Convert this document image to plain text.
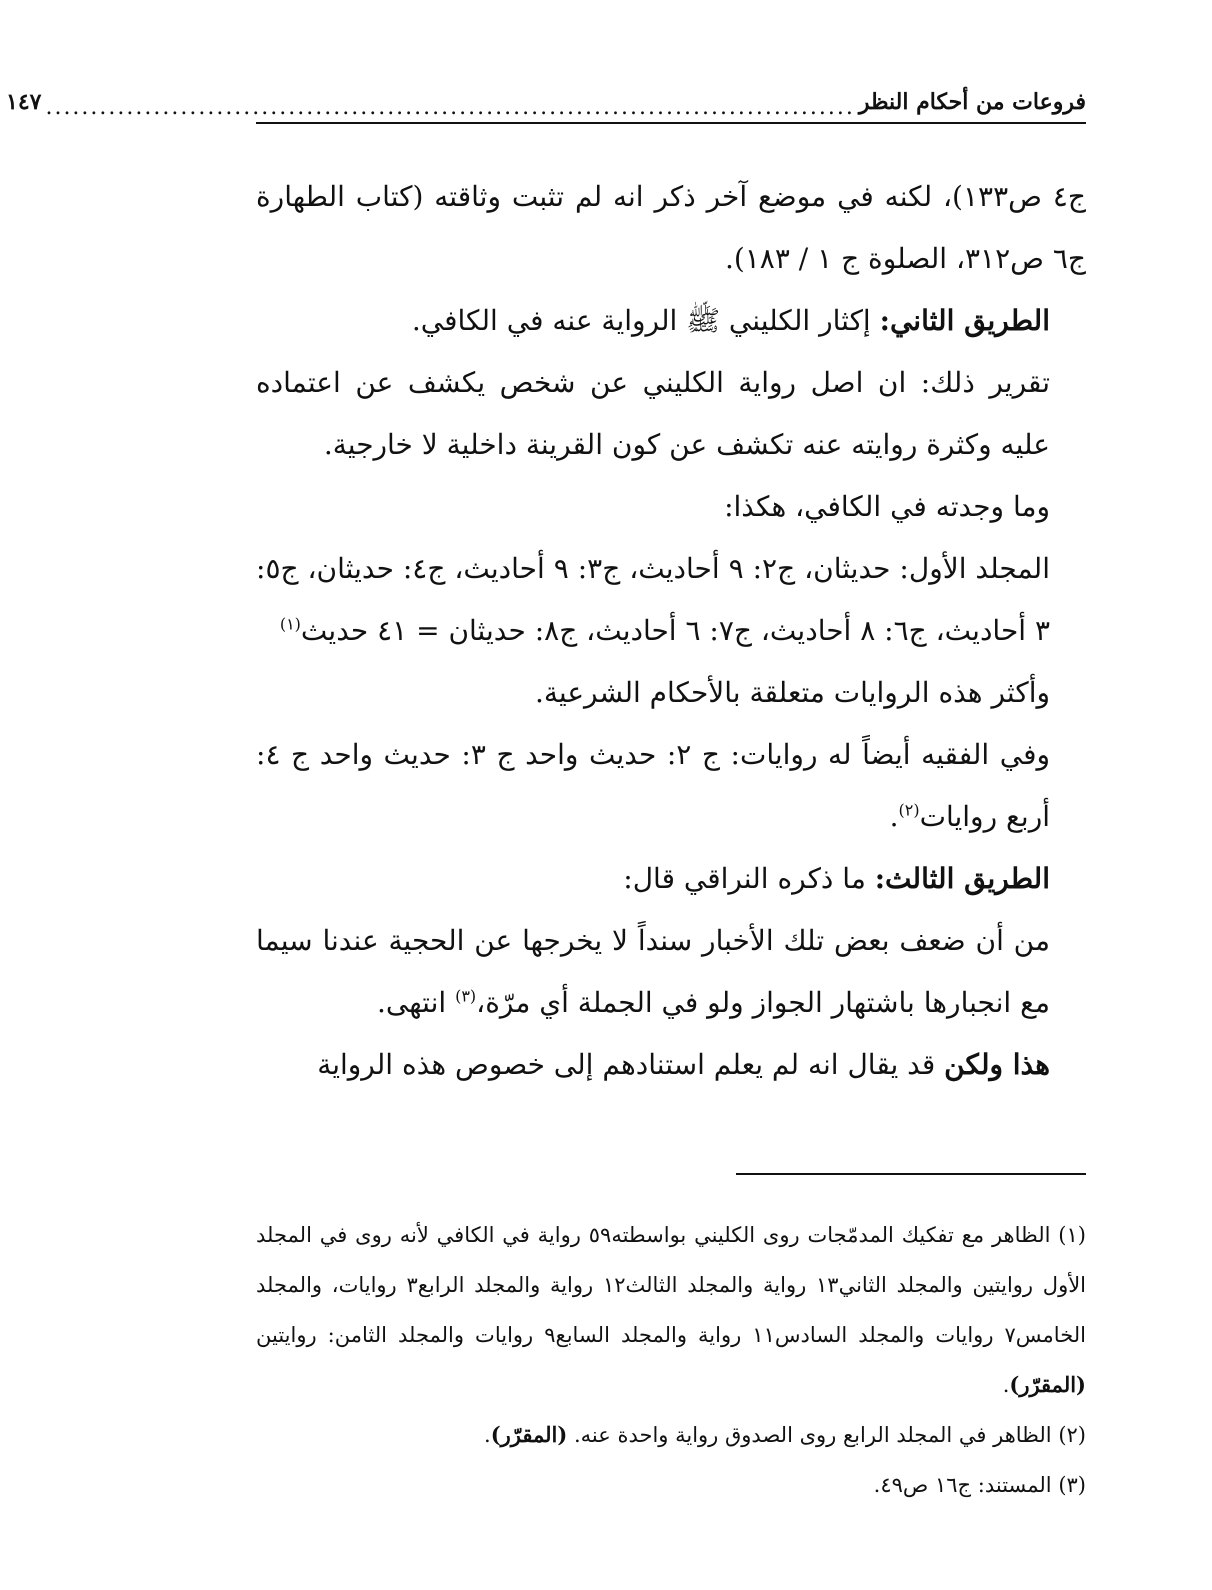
١٤٧ .......................................................................................... فروعات من أحكام النظر

ج٤ ص١٣٣)، لكنه في موضع آخر ذكر انه لم تثبت وثاقته (كتاب الطهارة ج٦ ص٣١٢، الصلوة ج ١ / ١٨٣).

الطريق الثاني: إكثار الكليني ﷺ الرواية عنه في الكافي.

تقرير ذلك: ان اصل رواية الكليني عن شخص يكشف عن اعتماده عليه وكثرة روايته عنه تكشف عن كون القرينة داخلية لا خارجية.

وما وجدته في الكافي، هكذا:

المجلد الأول: حديثان، ج٢: ٩ أحاديث، ج٣: ٩ أحاديث، ج٤: حديثان، ج٥: ٣ أحاديث، ج٦: ٨ أحاديث، ج٧: ٦ أحاديث، ج٨: حديثان = ٤١ حديث$^{(١)}$

وأكثر هذه الروايات متعلقة بالأحكام الشرعية.

وفي الفقيه أيضاً له روايات: ج ٢: حديث واحد ج ٣: حديث واحد ج ٤: أربع روايات$^{(٢)}$.

الطريق الثالث: ما ذكره النراقي قال:

من أن ضعف بعض تلك الأخبار سنداً لا يخرجها عن الحجية عندنا سيما مع انجبارها باشتهار الجواز ولو في الجملة أي مرّة،$^{(٣)}$ انتهى.

هذا ولكن قد يقال انه لم يعلم استنادهم إلى خصوص هذه الرواية

(١) الظاهر مع تفكيك المدمّجات روى الكليني بواسطته٥٩ رواية في الكافي لأنه روى في المجلد الأول روايتين والمجلد الثاني١٣ رواية والمجلد الثالث١٢ رواية والمجلد الرابع٣ روايات، والمجلد الخامس٧ روايات والمجلد السادس١١ رواية والمجلد السابع٩ روايات والمجلد الثامن: روايتين (المقرّر).

(٢) الظاهر في المجلد الرابع روى الصدوق رواية واحدة عنه. (المقرّر).

(٣) المستند: ج١٦ ص٤٩.
